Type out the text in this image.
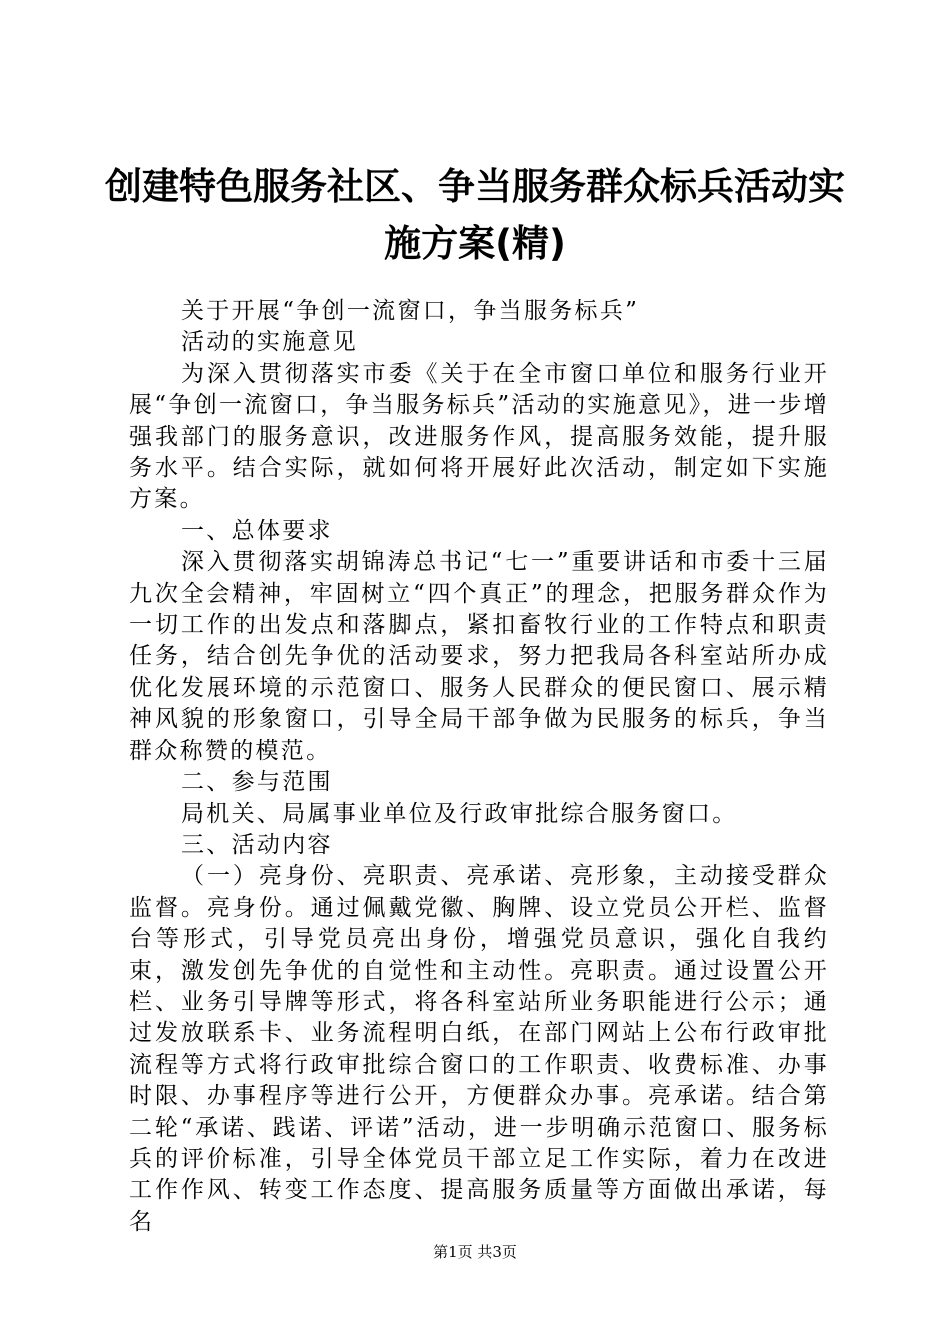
创建特色服务社区、争当服务群众标兵活动实
施方案(精)

关于开展“争创一流窗口，争当服务标兵”

活动的实施意见

为深入贯彻落实市委《关于在全市窗口单位和服务行业开展“争创一流窗口，争当服务标兵”活动的实施意见》，进一步增强我部门的服务意识，改进服务作风，提高服务效能，提升服务水平。结合实际，就如何将开展好此次活动，制定如下实施方案。

一、总体要求

深入贯彻落实胡锦涛总书记“七一”重要讲话和市委十三届九次全会精神，牢固树立“四个真正”的理念，把服务群众作为一切工作的出发点和落脚点，紧扣畜牧行业的工作特点和职责任务，结合创先争优的活动要求，努力把我局各科室站所办成优化发展环境的示范窗口、服务人民群众的便民窗口、展示精神风貌的形象窗口，引导全局干部争做为民服务的标兵，争当群众称赞的模范。

二、参与范围

局机关、局属事业单位及行政审批综合服务窗口。

三、活动内容

（一）亮身份、亮职责、亮承诺、亮形象，主动接受群众监督。亮身份。通过佩戴党徽、胸牌、设立党员公开栏、监督台等形式，引导党员亮出身份，增强党员意识，强化自我约束，激发创先争优的自觉性和主动性。亮职责。通过设置公开栏、业务引导牌等形式，将各科室站所业务职能进行公示；通过发放联系卡、业务流程明白纸，在部门网站上公布行政审批流程等方式将行政审批综合窗口的工作职责、收费标准、办事时限、办事程序等进行公开，方便群众办事。亮承诺。结合第二轮“承诺、践诺、评诺”活动，进一步明确示范窗口、服务标兵的评价标准，引导全体党员干部立足工作实际，着力在改进工作作风、转变工作态度、提高服务质量等方面做出承诺，每名

第1页 共3页
